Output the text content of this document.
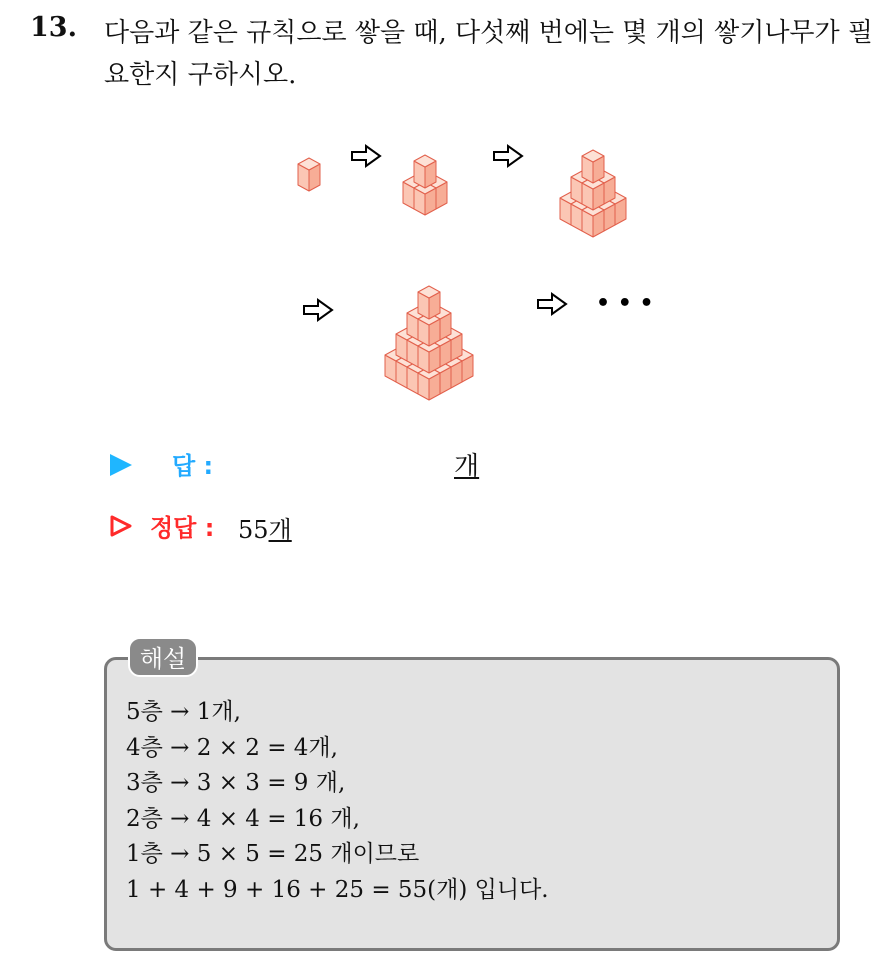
13. 다음과 같은 규칙으로 쌓을 때, 다섯째 번에는 몇 개의 쌓기나무가 필요한지 구하시오.
• • •
답 :	개
정답 : 55개
해설
5층 → 1개,
4층 → 2 × 2 = 4개,
3층 → 3 × 3 = 9 개,
2층 → 4 × 4 = 16 개,
1층 → 5 × 5 = 25 개이므로
1 + 4 + 9 + 16 + 25 = 55(개) 입니다.
